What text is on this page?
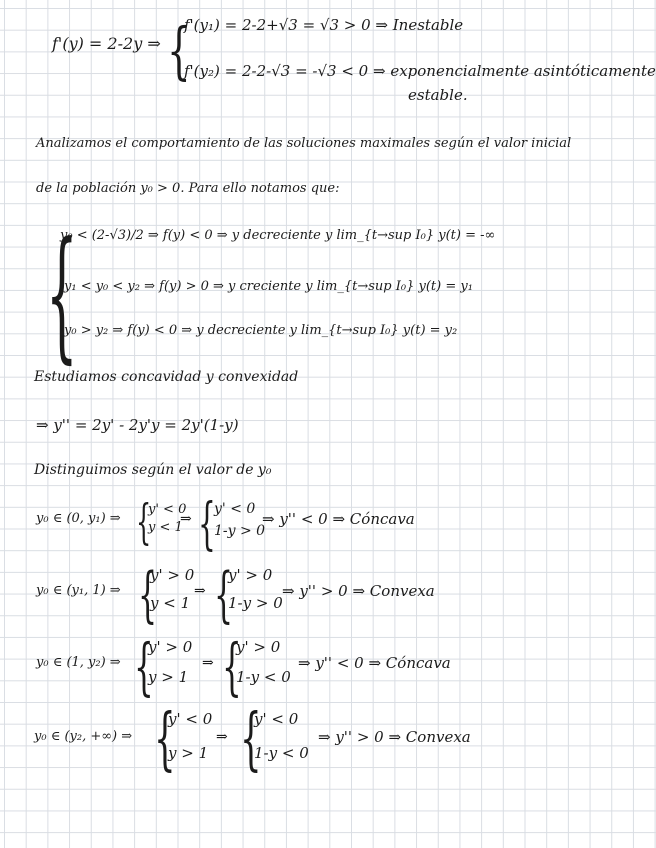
f'(y) = 2-2y ⇒ {
f'(y₁) = 2-2+√3 = √3 > 0 ⇒ Inestable
f'(y₂) = 2-2-√3 = -√3 < 0 ⇒ exponencialmente asintóticamente
estable.
Analizamos el comportamiento de las soluciones maximales según el valor inicial
de la población y₀ > 0. Para ello notamos que:
{
y₀ < (2-√3)/2 ⇒ f(y) < 0 ⇒ y decreciente y lim_{t→sup I₀} y(t) = -∞
y₁ < y₀ < y₂ ⇒ f(y) > 0 ⇒ y creciente y lim_{t→sup I₀} y(t) = y₁
y₀ > y₂ ⇒ f(y) < 0 ⇒ y decreciente y lim_{t→sup I₀} y(t) = y₂
Estudiamos concavidad y convexidad
⇒ y'' = 2y' - 2y'y = 2y'(1-y)
Distinguimos según el valor de y₀
y₀ ∈ (0, y₁) ⇒ {
y' < 0
y < 1
⇒ {
y' < 0
1-y > 0
⇒ y'' < 0 ⇒ Cóncava
y₀ ∈ (y₁, 1) ⇒ {
y' > 0
y < 1
⇒ {
y' > 0
1-y > 0
⇒ y'' > 0 ⇒ Convexa
y₀ ∈ (1, y₂) ⇒ {
y' > 0
y > 1
⇒ {
y' > 0
1-y < 0
⇒ y'' < 0 ⇒ Cóncava
y₀ ∈ (y₂, +∞) ⇒ {
y' < 0
y > 1
⇒ {
y' < 0
1-y < 0
⇒ y'' > 0 ⇒ Convexa
